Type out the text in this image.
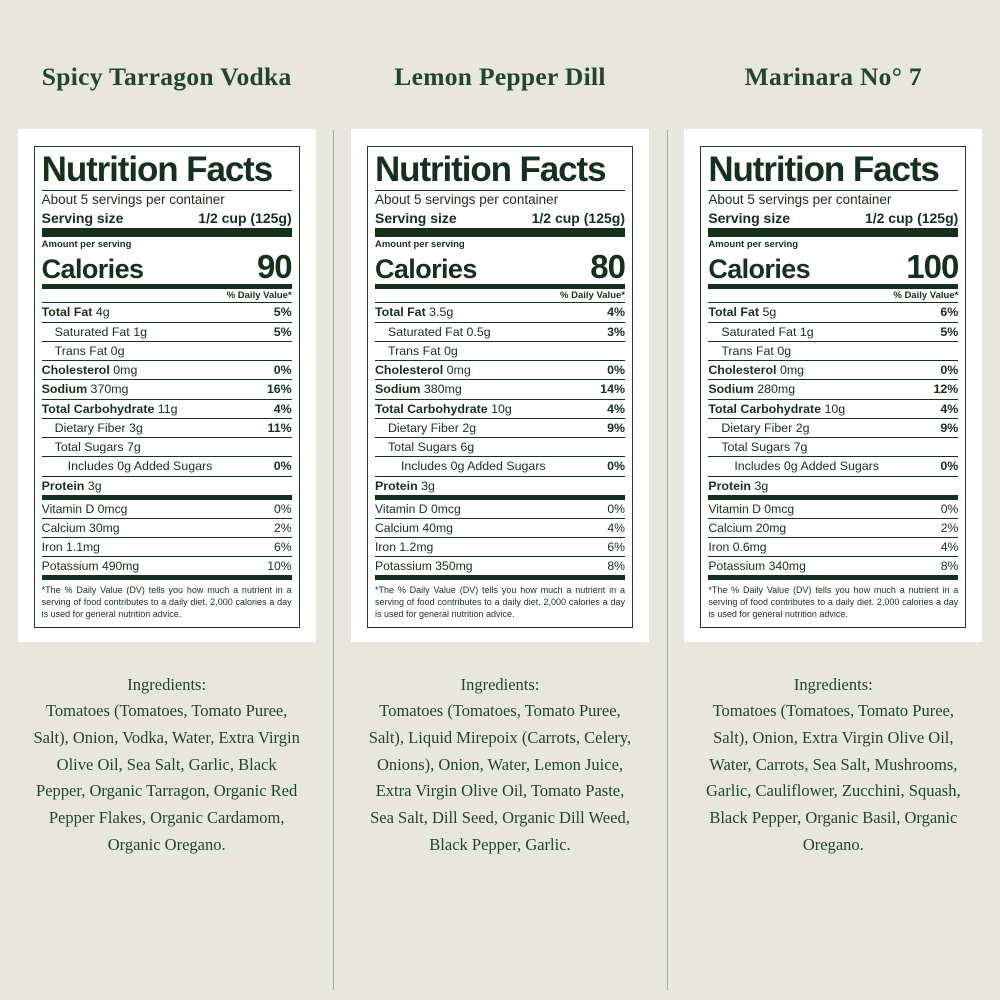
Spicy Tarragon Vodka
Nutrition Facts
About 5 servings per container
Serving size	1/2 cup (125g)
Amount per serving
Calories	90
% Daily Value*
Total Fat 4g	5%
Saturated Fat 1g	5%
Trans Fat 0g
Cholesterol 0mg	0%
Sodium 370mg	16%
Total Carbohydrate 11g	4%
Dietary Fiber 3g	11%
Total Sugars 7g
Includes 0g Added Sugars	0%
Protein 3g
Vitamin D 0mcg	0%
Calcium 30mg	2%
Iron 1.1mg	6%
Potassium 490mg	10%
*The % Daily Value (DV) tells you how much a nutrient in a serving of food contributes to a daily diet. 2,000 calories a day is used for general nutrition advice.
Ingredients:
Tomatoes (Tomatoes, Tomato Puree, Salt), Onion, Vodka, Water, Extra Virgin Olive Oil, Sea Salt, Garlic, Black Pepper, Organic Tarragon, Organic Red Pepper Flakes, Organic Cardamom, Organic Oregano.
Lemon Pepper Dill
Nutrition Facts
About 5 servings per container
Serving size	1/2 cup (125g)
Amount per serving
Calories	80
% Daily Value*
Total Fat 3.5g	4%
Saturated Fat 0.5g	3%
Trans Fat 0g
Cholesterol 0mg	0%
Sodium 380mg	14%
Total Carbohydrate 10g	4%
Dietary Fiber 2g	9%
Total Sugars 6g
Includes 0g Added Sugars	0%
Protein 3g
Vitamin D 0mcg	0%
Calcium 40mg	4%
Iron 1.2mg	6%
Potassium 350mg	8%
*The % Daily Value (DV) tells you how much a nutrient in a serving of food contributes to a daily diet. 2,000 calories a day is used for general nutrition advice.
Ingredients:
Tomatoes (Tomatoes, Tomato Puree, Salt), Liquid Mirepoix (Carrots, Celery, Onions), Onion, Water, Lemon Juice, Extra Virgin Olive Oil, Tomato Paste, Sea Salt, Dill Seed, Organic Dill Weed, Black Pepper, Garlic.
Marinara No° 7
Nutrition Facts
About 5 servings per container
Serving size	1/2 cup (125g)
Amount per serving
Calories	100
% Daily Value*
Total Fat 5g	6%
Saturated Fat 1g	5%
Trans Fat 0g
Cholesterol 0mg	0%
Sodium 280mg	12%
Total Carbohydrate 10g	4%
Dietary Fiber 2g	9%
Total Sugars 7g
Includes 0g Added Sugars	0%
Protein 3g
Vitamin D 0mcg	0%
Calcium 20mg	2%
Iron 0.6mg	4%
Potassium 340mg	8%
*The % Daily Value (DV) tells you how much a nutrient in a serving of food contributes to a daily diet. 2,000 calories a day is used for general nutrition advice.
Ingredients:
Tomatoes (Tomatoes, Tomato Puree, Salt), Onion, Extra Virgin Olive Oil, Water, Carrots, Sea Salt, Mushrooms, Garlic, Cauliflower, Zucchini, Squash, Black Pepper, Organic Basil, Organic Oregano.
